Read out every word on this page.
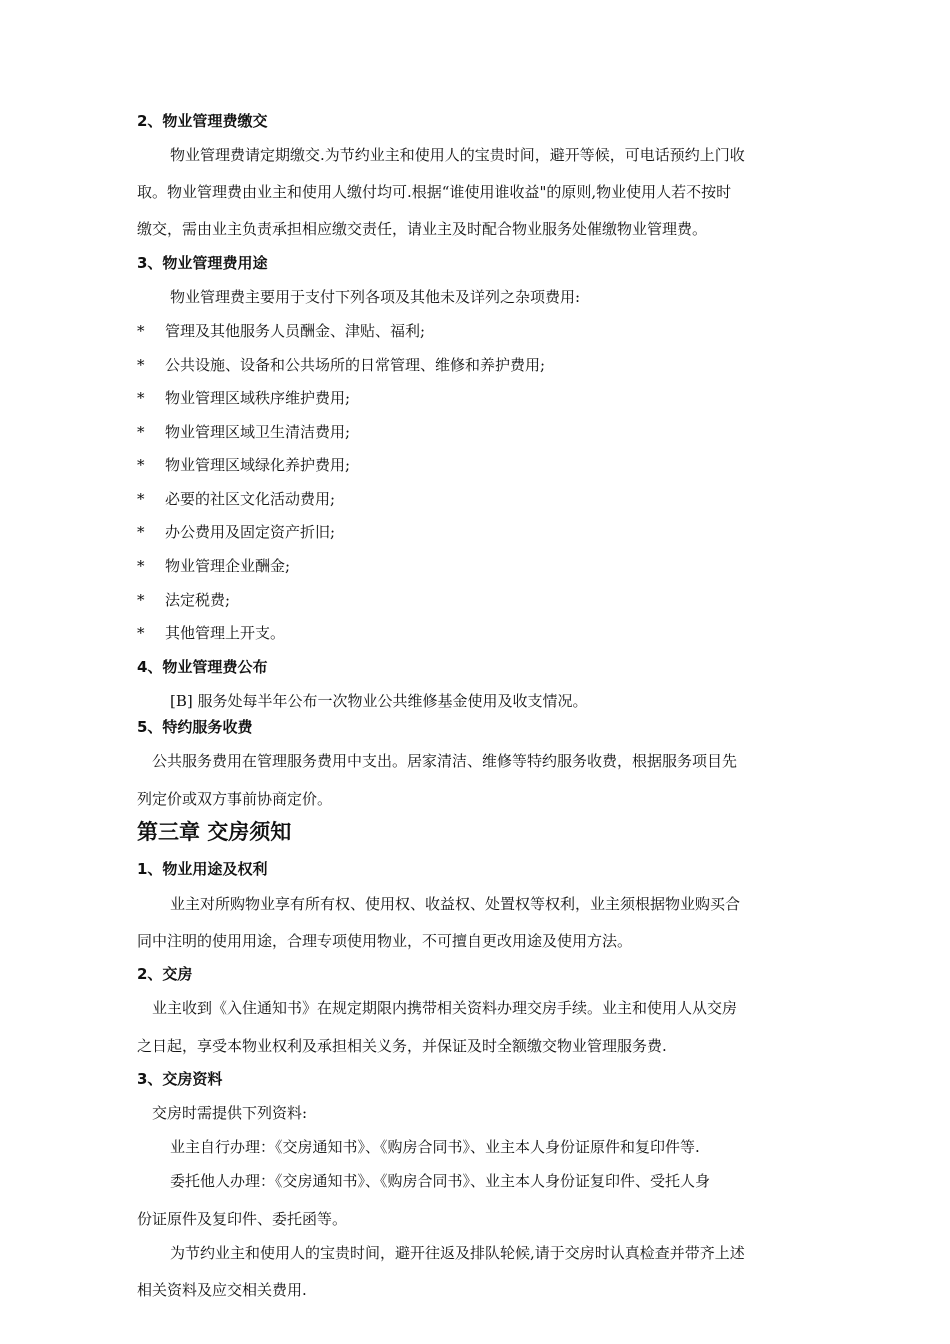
2、物业管理费缴交
物业管理费请定期缴交.为节约业主和使用人的宝贵时间，避开等候，可电话预约上门收
取。物业管理费由业主和使用人缴付均可.根据“谁使用谁收益"的原则,物业使用人若不按时
缴交，需由业主负责承担相应缴交责任，请业主及时配合物业服务处催缴物业管理费。
3、物业管理费用途
物业管理费主要用于支付下列各项及其他未及详列之杂项费用:
* 管理及其他服务人员酬金、津贴、福利;
* 公共设施、设备和公共场所的日常管理、维修和养护费用;
* 物业管理区域秩序维护费用;
* 物业管理区域卫生清洁费用;
* 物业管理区域绿化养护费用;
* 必要的社区文化活动费用;
* 办公费用及固定资产折旧;
* 物业管理企业酬金;
* 法定税费;
* 其他管理上开支。
4、物业管理费公布
[B] 服务处每半年公布一次物业公共维修基金使用及收支情况。
5、特约服务收费
公共服务费用在管理服务费用中支出。居家清洁、维修等特约服务收费，根据服务项目先
列定价或双方事前协商定价。
第三章 交房须知
1、物业用途及权利
业主对所购物业享有所有权、使用权、收益权、处置权等权利，业主须根据物业购买合
同中注明的使用用途，合理专项使用物业，不可擅自更改用途及使用方法。
2、交房
业主收到《入住通知书》在规定期限内携带相关资料办理交房手续。业主和使用人从交房
之日起，享受本物业权利及承担相关义务，并保证及时全额缴交物业管理服务费.
3、交房资料
交房时需提供下列资料:
业主自行办理：《交房通知书》、《购房合同书》、业主本人身份证原件和复印件等.
委托他人办理：《交房通知书》、《购房合同书》、业主本人身份证复印件、受托人身
份证原件及复印件、委托函等。
为节约业主和使用人的宝贵时间，避开往返及排队轮候,请于交房时认真检查并带齐上述
相关资料及应交相关费用.
